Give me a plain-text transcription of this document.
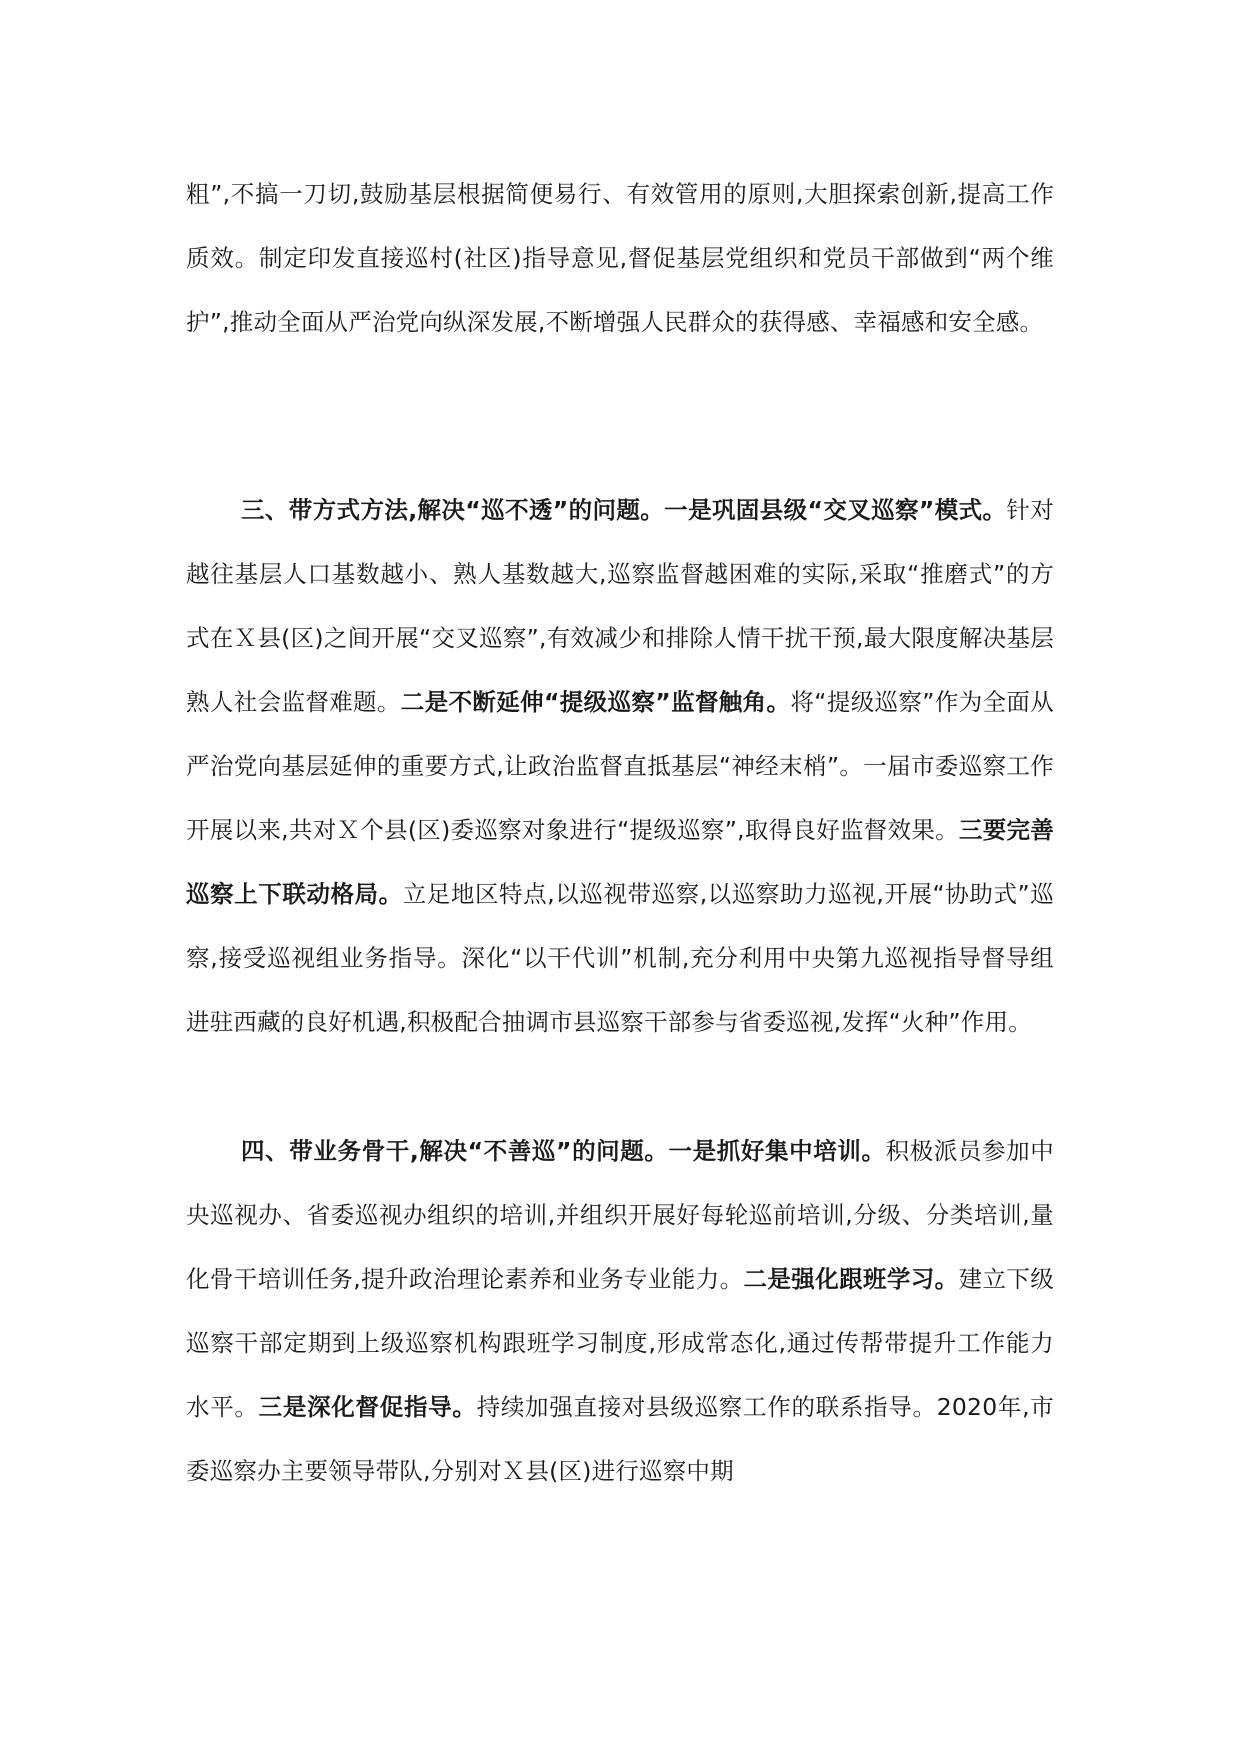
粗”,不搞一刀切,鼓励基层根据简便易行、有效管用的原则,大胆探索创新,提高工作质效。制定印发直接巡村(社区)指导意见,督促基层党组织和党员干部做到“两个维护”,推动全面从严治党向纵深发展,不断增强人民群众的获得感、幸福感和安全感。

三、带方式方法,解决“巡不透”的问题。一是巩固县级“交叉巡察”模式。针对越往基层人口基数越小、熟人基数越大,巡察监督越困难的实际,采取“推磨式”的方式在Ｘ县(区)之间开展“交叉巡察”,有效减少和排除人情干扰干预,最大限度解决基层熟人社会监督难题。二是不断延伸“提级巡察”监督触角。将“提级巡察”作为全面从严治党向基层延伸的重要方式,让政治监督直抵基层“神经末梢”。一届市委巡察工作开展以来,共对Ｘ个县(区)委巡察对象进行“提级巡察”,取得良好监督效果。三要完善巡察上下联动格局。立足地区特点,以巡视带巡察,以巡察助力巡视,开展“协助式”巡察,接受巡视组业务指导。深化“以干代训”机制,充分利用中央第九巡视指导督导组进驻西藏的良好机遇,积极配合抽调市县巡察干部参与省委巡视,发挥“火种”作用。

四、带业务骨干,解决“不善巡”的问题。一是抓好集中培训。积极派员参加中央巡视办、省委巡视办组织的培训,并组织开展好每轮巡前培训,分级、分类培训,量化骨干培训任务,提升政治理论素养和业务专业能力。二是强化跟班学习。建立下级巡察干部定期到上级巡察机构跟班学习制度,形成常态化,通过传帮带提升工作能力水平。三是深化督促指导。持续加强直接对县级巡察工作的联系指导。2020年,市委巡察办主要领导带队,分别对Ｘ县(区)进行巡察中期
